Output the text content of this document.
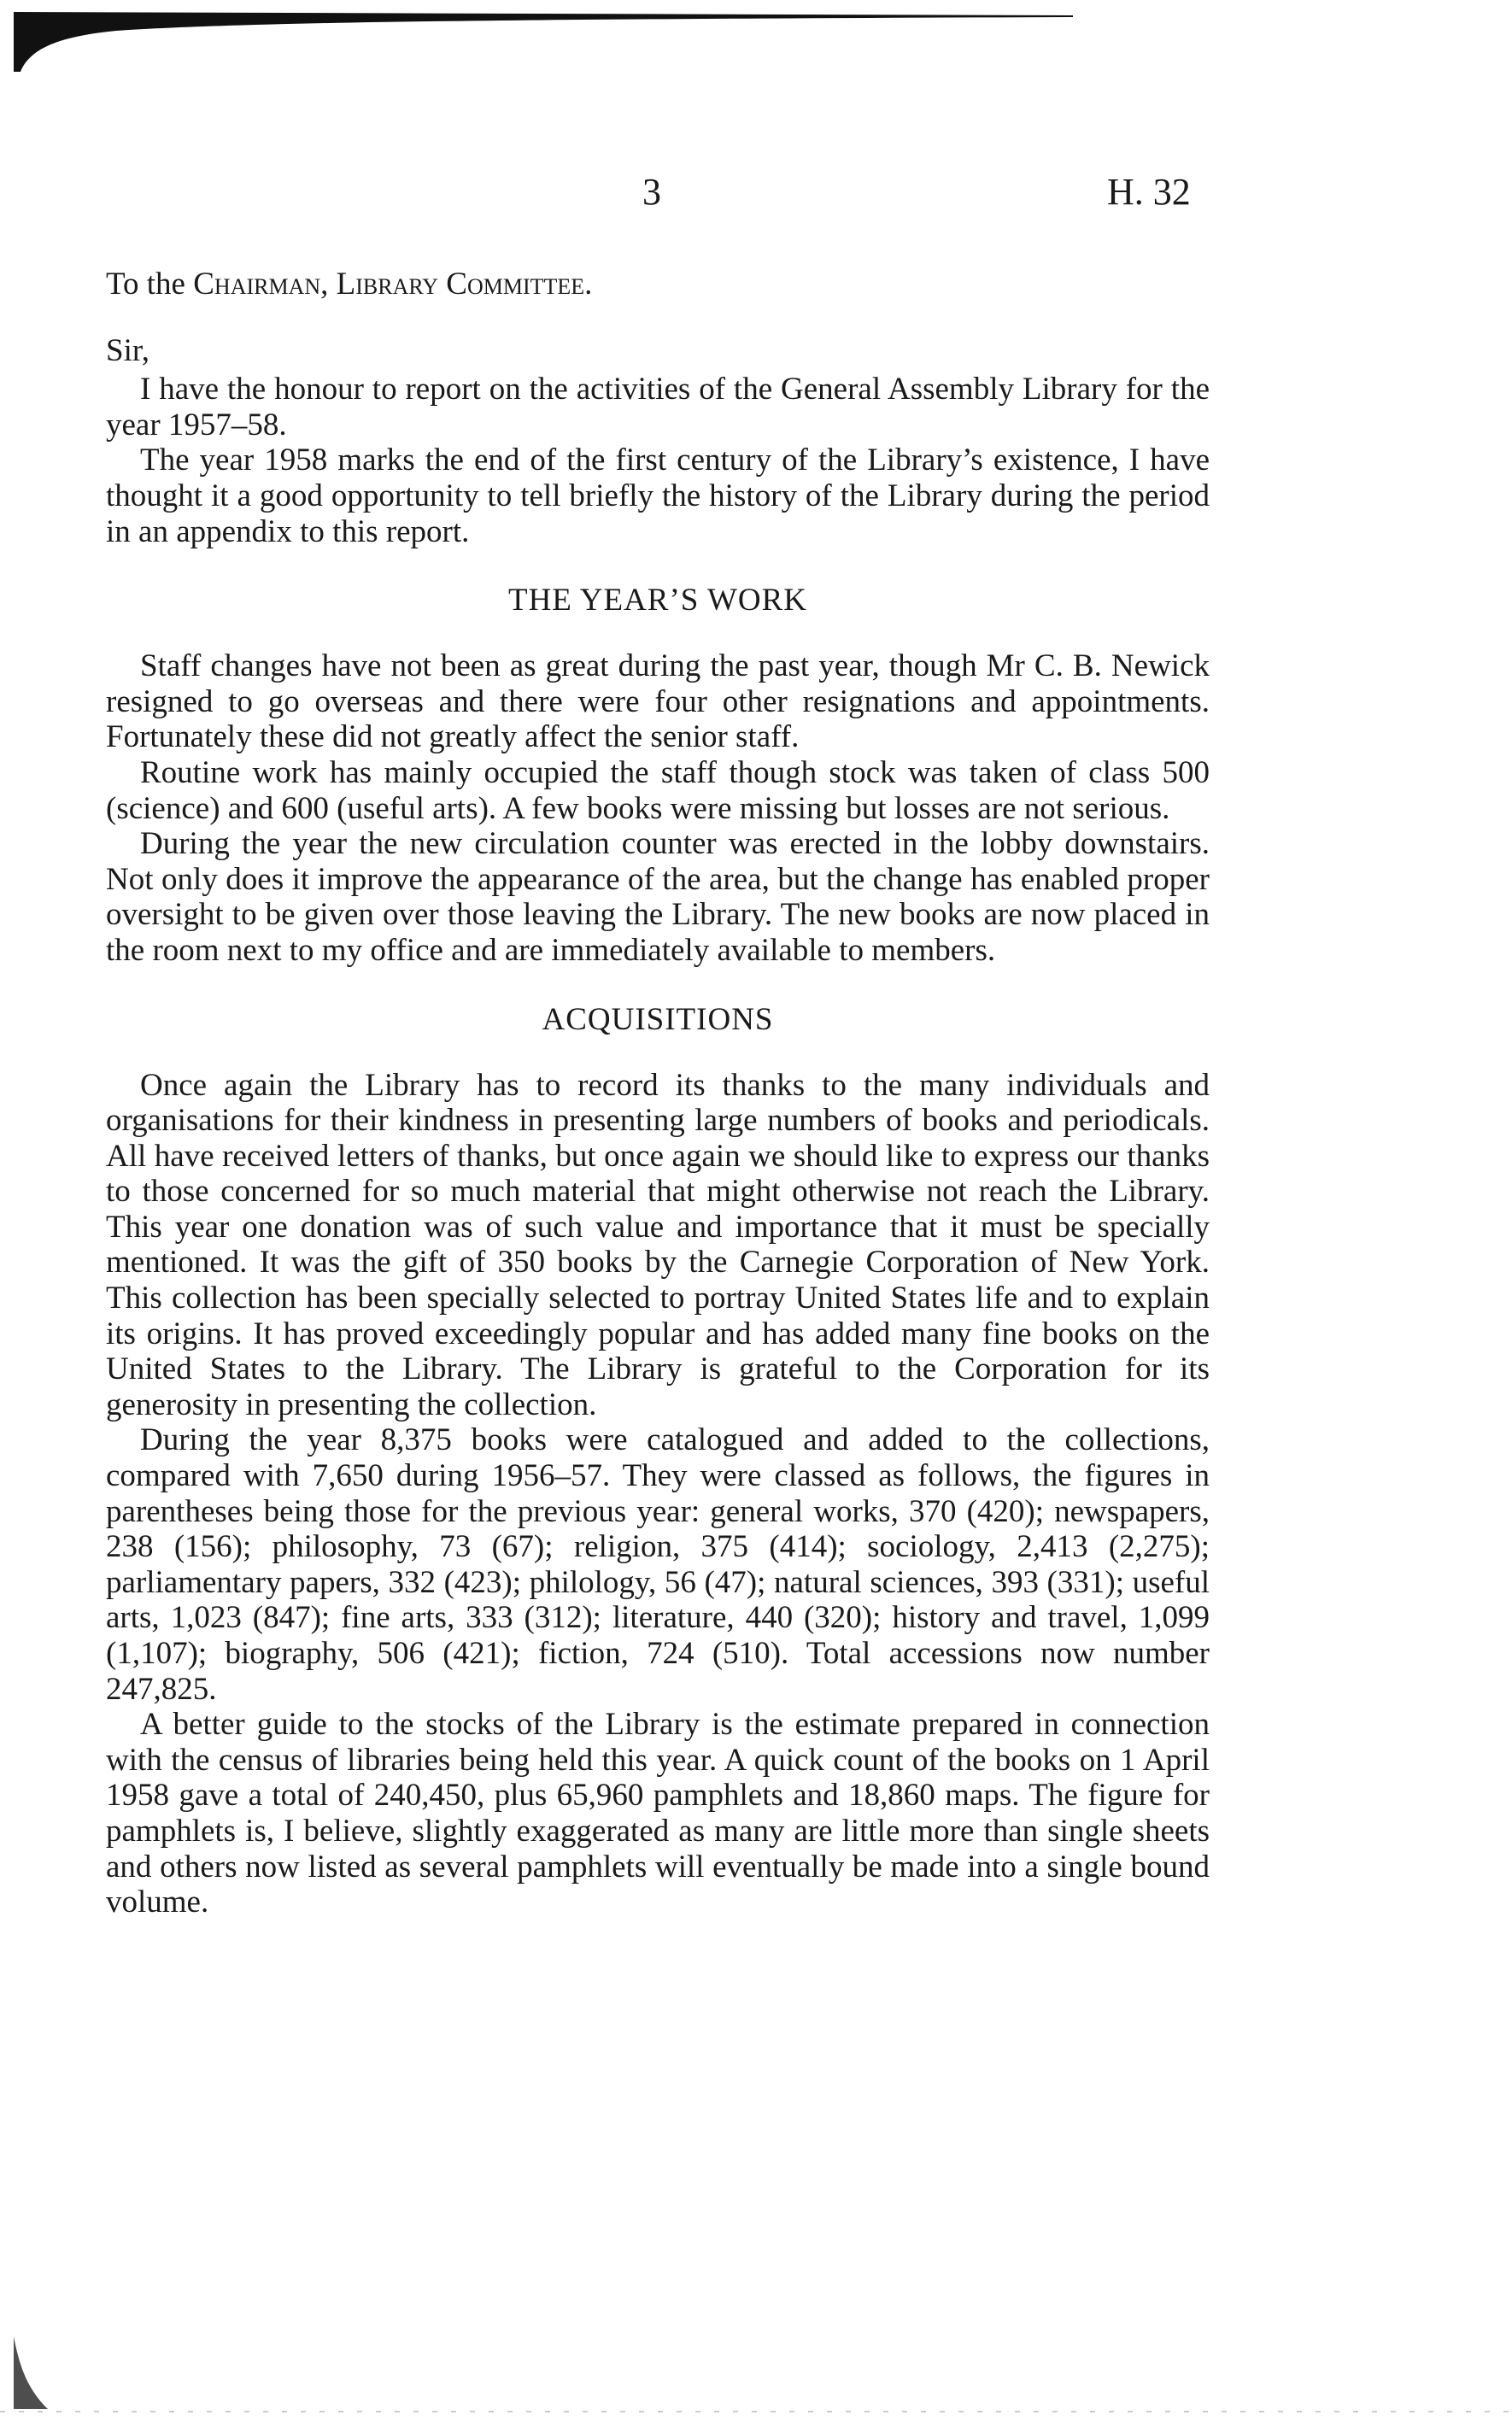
3	H. 32
To the Chairman, Library Committee.
Sir,

I have the honour to report on the activities of the General Assembly Library for the year 1957–58.

The year 1958 marks the end of the first century of the Library’s existence, I have thought it a good opportunity to tell briefly the history of the Library during the period in an appendix to this report.

THE YEAR’S WORK

Staff changes have not been as great during the past year, though Mr C. B. Newick resigned to go overseas and there were four other resignations and appointments. Fortunately these did not greatly affect the senior staff.

Routine work has mainly occupied the staff though stock was taken of class 500 (science) and 600 (useful arts). A few books were missing but losses are not serious.

During the year the new circulation counter was erected in the lobby downstairs. Not only does it improve the appearance of the area, but the change has enabled proper oversight to be given over those leaving the Library. The new books are now placed in the room next to my office and are immediately available to members.

ACQUISITIONS

Once again the Library has to record its thanks to the many individuals and organisations for their kindness in presenting large numbers of books and periodicals. All have received letters of thanks, but once again we should like to express our thanks to those concerned for so much material that might otherwise not reach the Library. This year one donation was of such value and importance that it must be specially mentioned. It was the gift of 350 books by the Carnegie Corporation of New York. This collection has been specially selected to portray United States life and to explain its origins. It has proved exceedingly popular and has added many fine books on the United States to the Library. The Library is grateful to the Corporation for its generosity in presenting the collection.

During the year 8,375 books were catalogued and added to the collections, compared with 7,650 during 1956–57. They were classed as follows, the figures in parentheses being those for the previous year: general works, 370 (420); newspapers, 238 (156); philosophy, 73 (67); religion, 375 (414); sociology, 2,413 (2,275); parliamentary papers, 332 (423); philology, 56 (47); natural sciences, 393 (331); useful arts, 1,023 (847); fine arts, 333 (312); literature, 440 (320); history and travel, 1,099 (1,107); biography, 506 (421); fiction, 724 (510). Total accessions now number 247,825.

A better guide to the stocks of the Library is the estimate prepared in connection with the census of libraries being held this year. A quick count of the books on 1 April 1958 gave a total of 240,450, plus 65,960 pamphlets and 18,860 maps. The figure for pamphlets is, I believe, slightly exaggerated as many are little more than single sheets and others now listed as several pamphlets will eventually be made into a single bound volume.
